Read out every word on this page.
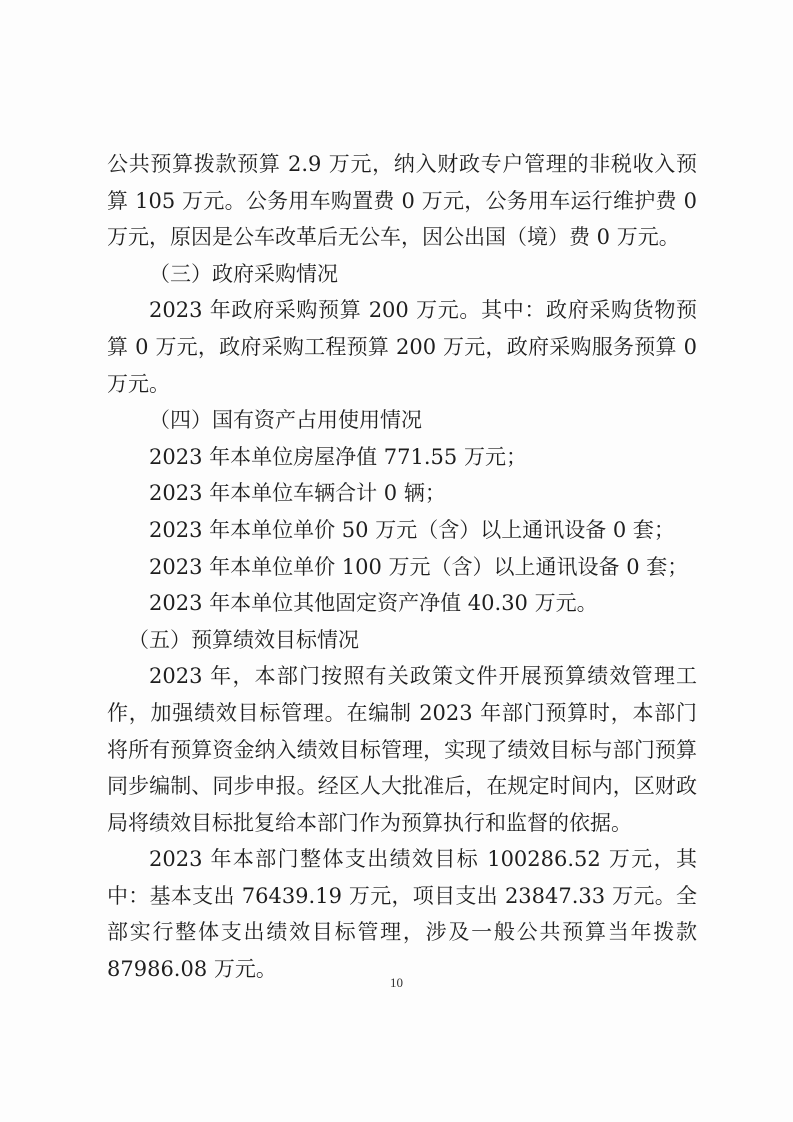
公共预算拨款预算 2.9 万元，纳入财政专户管理的非税收入预算 105 万元。公务用车购置费 0 万元，公务用车运行维护费 0 万元，原因是公车改革后无公车，因公出国（境）费 0 万元。

（三）政府采购情况

2023 年政府采购预算 200 万元。其中：政府采购货物预算 0 万元，政府采购工程预算 200 万元，政府采购服务预算 0 万元。

（四）国有资产占用使用情况

2023 年本单位房屋净值 771.55 万元；

2023 年本单位车辆合计 0 辆；

2023 年本单位单价 50 万元（含）以上通讯设备 0 套；

2023 年本单位单价 100 万元（含）以上通讯设备 0 套；

2023 年本单位其他固定资产净值 40.30 万元。

（五）预算绩效目标情况

2023 年，本部门按照有关政策文件开展预算绩效管理工作，加强绩效目标管理。在编制 2023 年部门预算时，本部门将所有预算资金纳入绩效目标管理，实现了绩效目标与部门预算同步编制、同步申报。经区人大批准后，在规定时间内，区财政局将绩效目标批复给本部门作为预算执行和监督的依据。

2023 年本部门整体支出绩效目标 100286.52 万元，其中：基本支出 76439.19 万元，项目支出 23847.33 万元。全部实行整体支出绩效目标管理，涉及一般公共预算当年拨款 87986.08 万元。

10
